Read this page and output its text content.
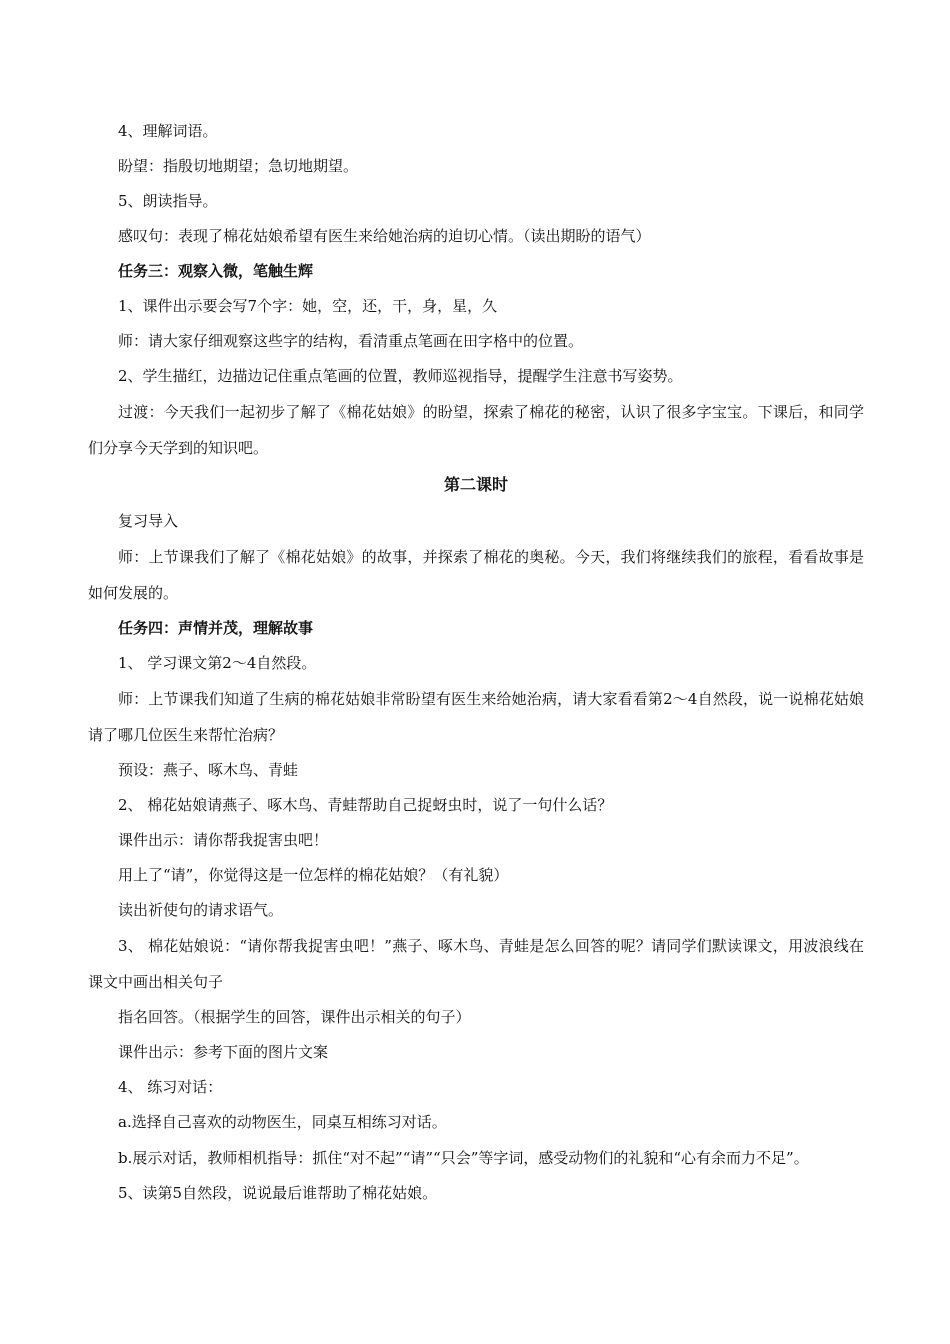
4、理解词语。

盼望：指殷切地期望；急切地期望。

5、朗读指导。

感叹句：表现了棉花姑娘希望有医生来给她治病的迫切心情。（读出期盼的语气）

任务三：观察入微，笔触生辉

1、课件出示要会写7个字：她，空，还，干，身，星，久

师：请大家仔细观察这些字的结构，看清重点笔画在田字格中的位置。

2、学生描红，边描边记住重点笔画的位置，教师巡视指导，提醒学生注意书写姿势。

过渡：今天我们一起初步了解了《棉花姑娘》的盼望，探索了棉花的秘密，认识了很多字宝宝。下课后，和同学们分享今天学到的知识吧。

第二课时

复习导入

师：上节课我们了解了《棉花姑娘》的故事，并探索了棉花的奥秘。今天，我们将继续我们的旅程，看看故事是如何发展的。

任务四：声情并茂，理解故事

1、 学习课文第2～4自然段。

师：上节课我们知道了生病的棉花姑娘非常盼望有医生来给她治病，请大家看看第2～4自然段，说一说棉花姑娘请了哪几位医生来帮忙治病？

预设：燕子、啄木鸟、青蛙

2、 棉花姑娘请燕子、啄木鸟、青蛙帮助自己捉蚜虫时，说了一句什么话？

课件出示：请你帮我捉害虫吧！

用上了“请”，你觉得这是一位怎样的棉花姑娘？（有礼貌）

读出祈使句的请求语气。

3、 棉花姑娘说：“请你帮我捉害虫吧！”燕子、啄木鸟、青蛙是怎么回答的呢？请同学们默读课文，用波浪线在课文中画出相关句子

指名回答。（根据学生的回答，课件出示相关的句子）

课件出示：参考下面的图片文案

4、 练习对话：

a.选择自己喜欢的动物医生，同桌互相练习对话。

b.展示对话，教师相机指导：抓住“对不起”“请”“只会”等字词，感受动物们的礼貌和“心有余而力不足”。

5、读第5自然段，说说最后谁帮助了棉花姑娘。
